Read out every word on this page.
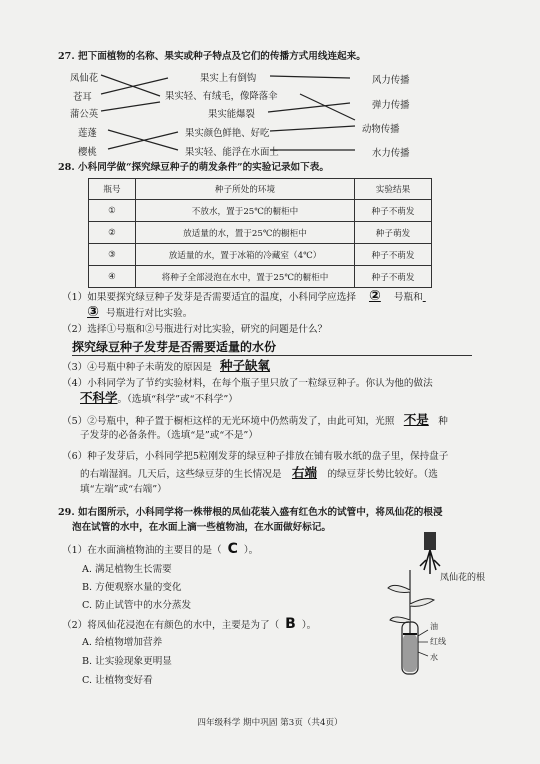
27. 把下面植物的名称、果实或种子特点及它们的传播方式用线连起来。
凤仙花
苍耳
蒲公英
莲蓬
樱桃
果实上有倒钩
果实轻、有绒毛，像降落伞
果实能爆裂
果实颜色鲜艳、好吃
果实轻、能浮在水面上
风力传播
弹力传播
动物传播
水力传播
28. 小科同学做“探究绿豆种子的萌发条件”的实验记录如下表。
瓶号	种子所处的环境	实验结果
①	不放水，置于25℃的橱柜中	种子不萌发
②	放适量的水，置于25℃的橱柜中	种子萌发
③	放适量的水，置于冰箱的冷藏室（4℃）	种子不萌发
④	将种子全部浸泡在水中，置于25℃的橱柜中	种子不萌发
（1）如果要探究绿豆种子发芽是否需要适宜的温度，小科同学应选择 ② 号瓶和
③ 号瓶进行对比实验。
（2）选择①号瓶和②号瓶进行对比实验，研究的问题是什么？
探究绿豆种子发芽是否需要适量的水份
（3）④号瓶中种子未萌发的原因是 种子缺氧
（4）小科同学为了节约实验材料，在每个瓶子里只放了一粒绿豆种子。你认为他的做法
不科学。（选填“科学”或“不科学”）
（5）②号瓶中，种子置于橱柜这样的无光环境中仍然萌发了，由此可知，光照 不是 种
子发芽的必备条件。（选填“是”或“不是”）
（6）种子发芽后，小科同学把5粒刚发芽的绿豆种子排放在铺有吸水纸的盘子里，保持盘子
的右端湿润。几天后，这些绿豆芽的生长情况是 右端 的绿豆芽长势比较好。（选
填“左端”或“右端”）
29. 如右图所示，小科同学将一株带根的凤仙花装入盛有红色水的试管中，将凤仙花的根浸
泡在试管的水中，在水面上滴一些植物油，在水面做好标记。
（1）在水面滴植物油的主要目的是（ C ）。
A. 满足植物生长需要
B. 方便观察水量的变化
C. 防止试管中的水分蒸发
（2）将凤仙花浸泡在有颜色的水中，主要是为了（ B ）。
A. 给植物增加营养
B. 让实验现象更明显
C. 让植物变好看
凤仙花的根
油
红线
水
四年级科学 期中巩固 第3页（共4页）
